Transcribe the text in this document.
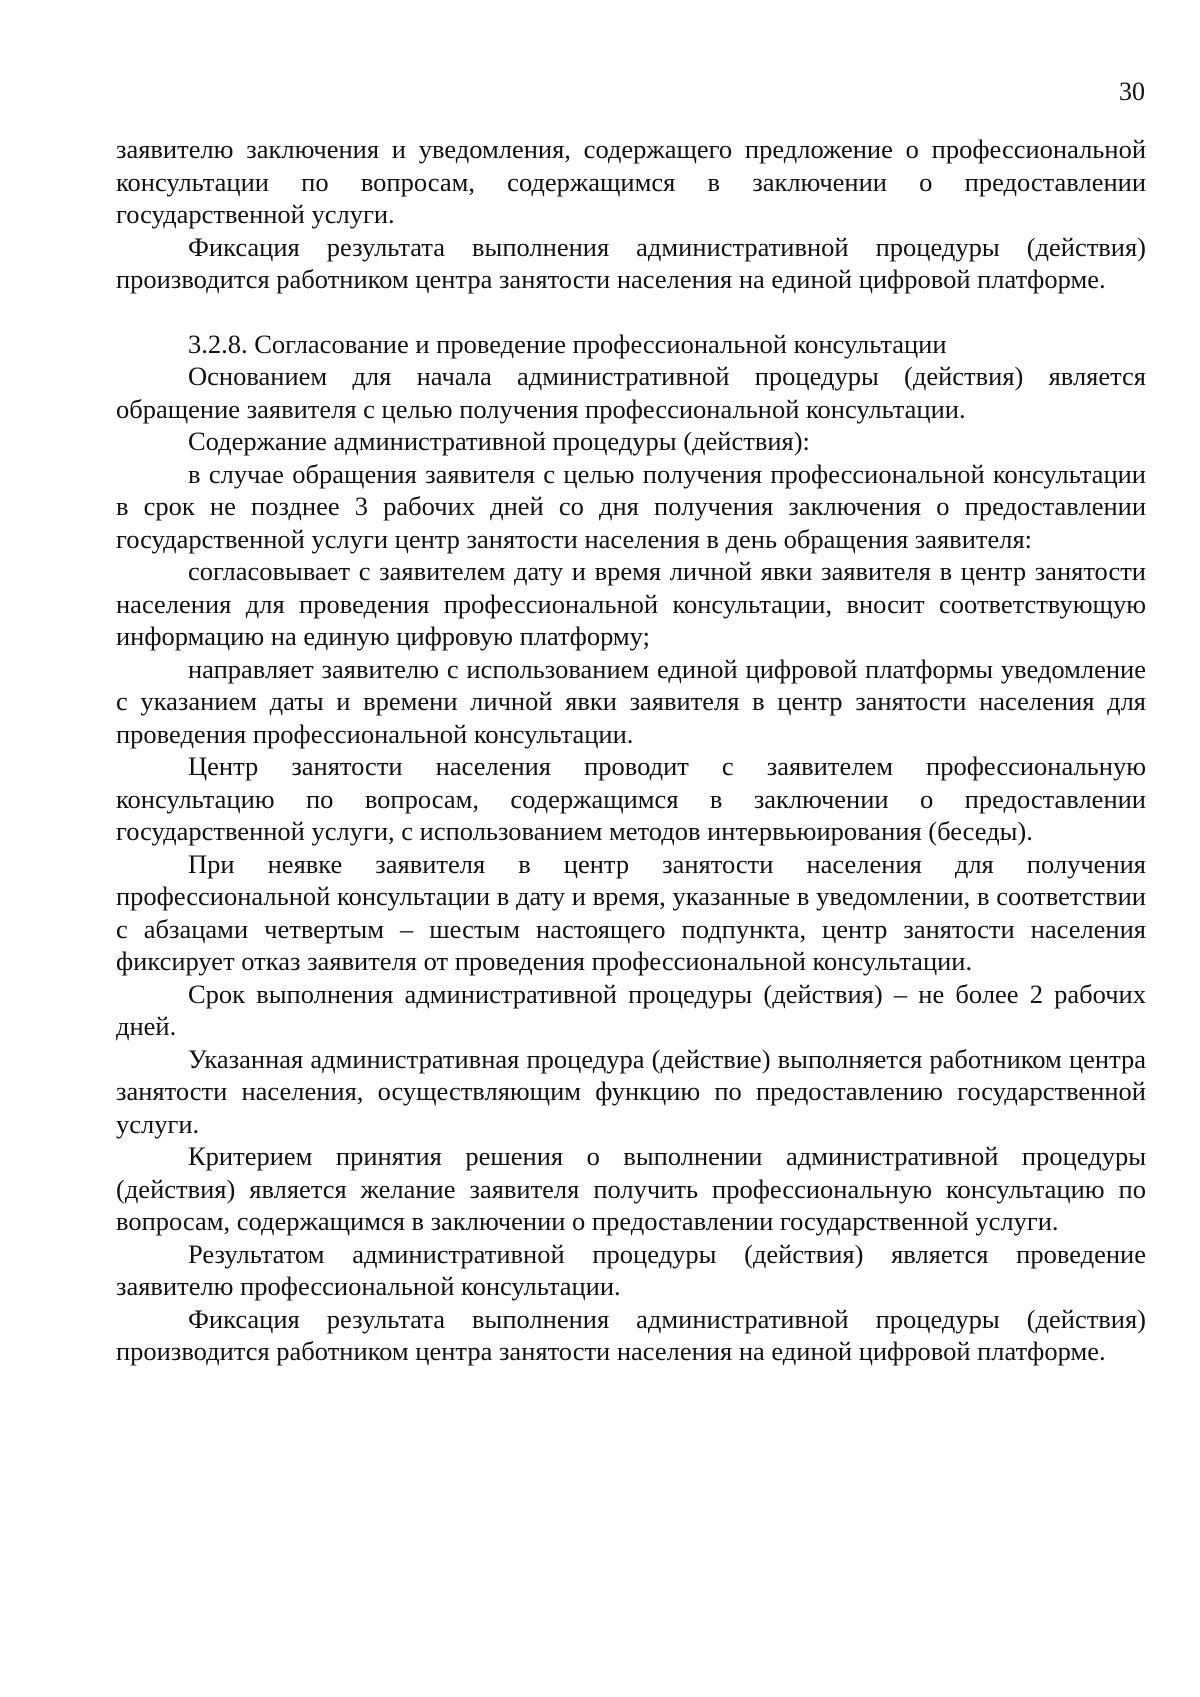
30

заявителю заключения и уведомления, содержащего предложение о профессиональной консультации по вопросам, содержащимся в заключении о предоставлении государственной услуги.

Фиксация результата выполнения административной процедуры (действия) производится работником центра занятости населения на единой цифровой платформе.

3.2.8. Согласование и проведение профессиональной консультации

Основанием для начала административной процедуры (действия) является обращение заявителя с целью получения профессиональной консультации.

Содержание административной процедуры (действия):

в случае обращения заявителя с целью получения профессиональной консультации в срок не позднее 3 рабочих дней со дня получения заключения о предоставлении государственной услуги центр занятости населения в день обращения заявителя:

согласовывает с заявителем дату и время личной явки заявителя в центр занятости населения для проведения профессиональной консультации, вносит соответствующую информацию на единую цифровую платформу;

направляет заявителю с использованием единой цифровой платформы уведомление с указанием даты и времени личной явки заявителя в центр занятости населения для проведения профессиональной консультации.

Центр занятости населения проводит с заявителем профессиональную консультацию по вопросам, содержащимся в заключении о предоставлении государственной услуги, с использованием методов интервьюирования (беседы).

При неявке заявителя в центр занятости населения для получения профессиональной консультации в дату и время, указанные в уведомлении, в соответствии с абзацами четвертым – шестым настоящего подпункта, центр занятости населения фиксирует отказ заявителя от проведения профессиональной консультации.

Срок выполнения административной процедуры (действия) – не более 2 рабочих дней.

Указанная административная процедура (действие) выполняется работником центра занятости населения, осуществляющим функцию по предоставлению государственной услуги.

Критерием принятия решения о выполнении административной процедуры (действия) является желание заявителя получить профессиональную консультацию по вопросам, содержащимся в заключении о предоставлении государственной услуги.

Результатом административной процедуры (действия) является проведение заявителю профессиональной консультации.

Фиксация результата выполнения административной процедуры (действия) производится работником центра занятости населения на единой цифровой платформе.
